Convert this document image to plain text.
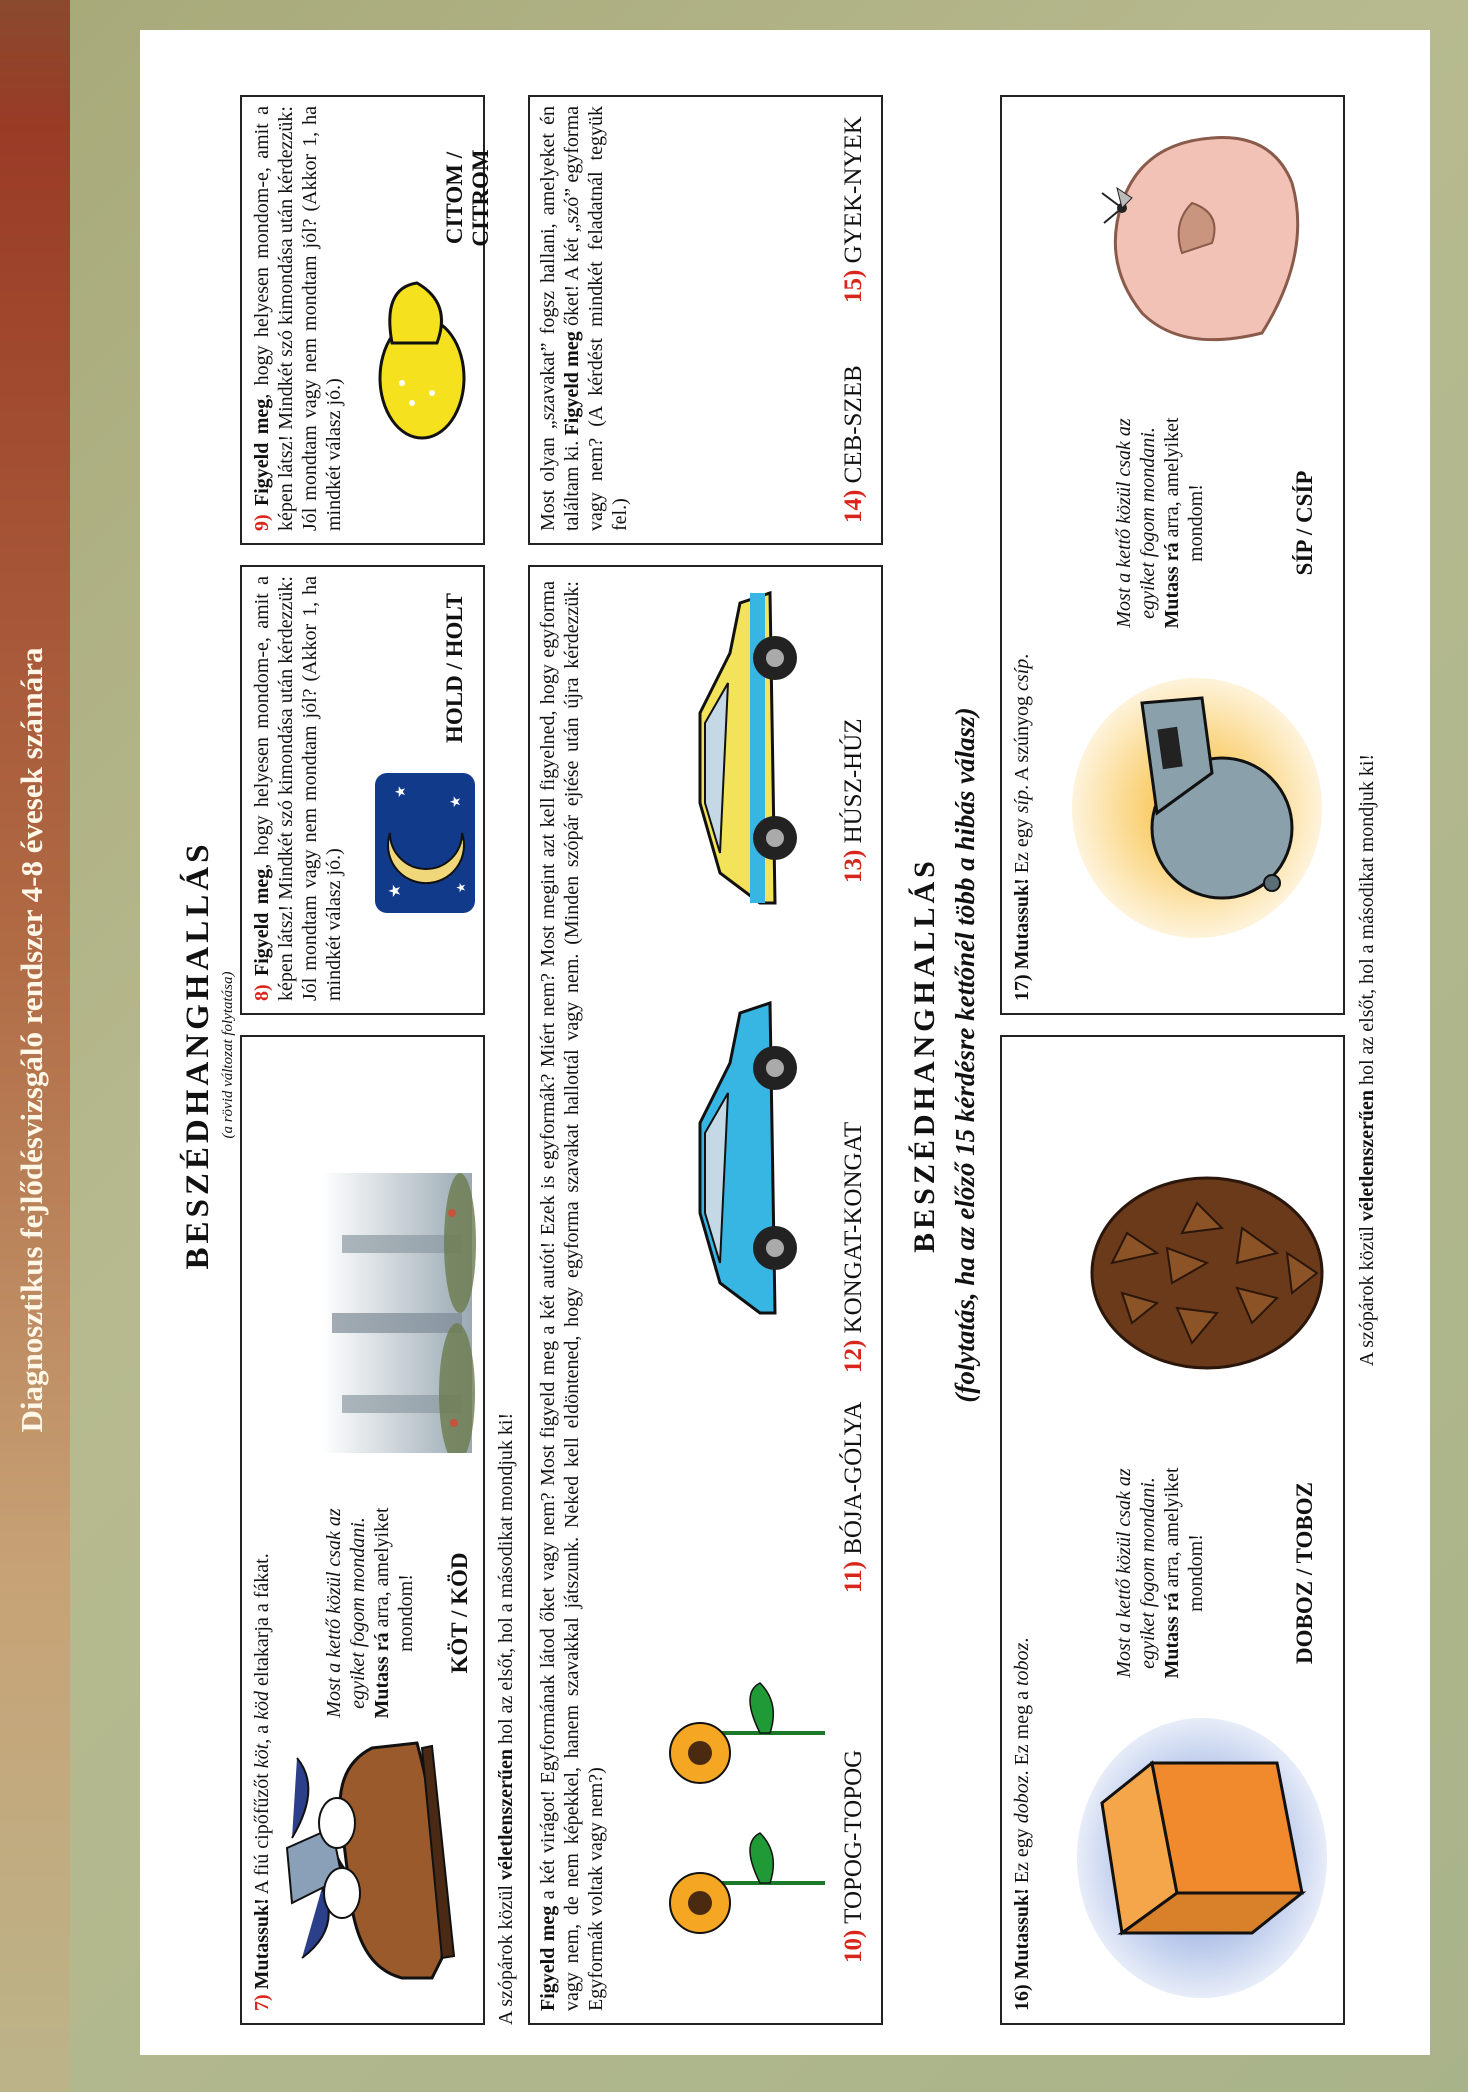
Diagnosztikus fejlődésvizsgáló rendszer 4-8 évesek számára	BESZÉDHANGHALLÁS (a rövid változat folytatása)
7) Mutassuk! A fiú cipőfűzőt köt, a köd eltakarja a fákat.	Most a kettő közül csak az egyiket fogom mondani. Mutass rá arra, amelyiket mondom! KÖT / KÖD
8) Figyeld meg, hogy helyesen mondom-e, amit a képen látsz! Mindkét szó kimondása után kérdezzük: Jól mondtam vagy nem mondtam jól? (Akkor 1, ha mindkét válasz jó.)	★
★
★
★
HOLD / HOLT
9) Figyeld meg, hogy helyesen mondom-e, amit a képen látsz! Mindkét szó kimondása után kérdezzük: Jól mondtam vagy nem mondtam jól? (Akkor 1, ha mindkét válasz jó.)
CITOM / CITROM
A szópárok közül véletlenszerűen hol az elsőt, hol a másodikat mondjuk ki!
Figyeld meg a két virágot! Egyformának látod őket vagy nem? Most figyeld meg a két autót! Ezek is egyformák? Miért nem? Most megint azt kell figyelned, hogy egyforma vagy nem, de nem képekkel, hanem szavakkal játszunk. Neked kell eldöntened, hogy egyforma szavakat hallottál vagy nem. (Minden szópár ejtése után újra kérdezzük: Egyformák voltak vagy nem?)	10) TOPOG-TOPOG
11) BÓJA-GÓLYA
12) KONGAT-KONGAT
13) HÚSZ-HÚZ
Most olyan „szavakat” fogsz hallani, amelyeket én találtam ki. Figyeld meg őket! A két „szó” egyforma vagy nem? (A kérdést mindkét feladatnál tegyük fel.)	14) CEB-SZEB
15) GYEK-NYEK
BESZÉDHANGHALLÁS (folytatás, ha az előző 15 kérdésre kettőnél több a hibás válasz)
16) Mutassuk! Ez egy doboz. Ez meg a toboz.	Most a kettő közül csak az egyiket fogom mondani. Mutass rá arra, amelyiket mondom!	DOBOZ / TOBOZ
17) Mutassuk! Ez egy síp. A szúnyog csíp.
Most a kettő közül csak az egyiket fogom mondani. Mutass rá arra, amelyiket mondom!	SÍP / CSÍP
A szópárok közül véletlenszerűen hol az elsőt, hol a másodikat mondjuk ki!
